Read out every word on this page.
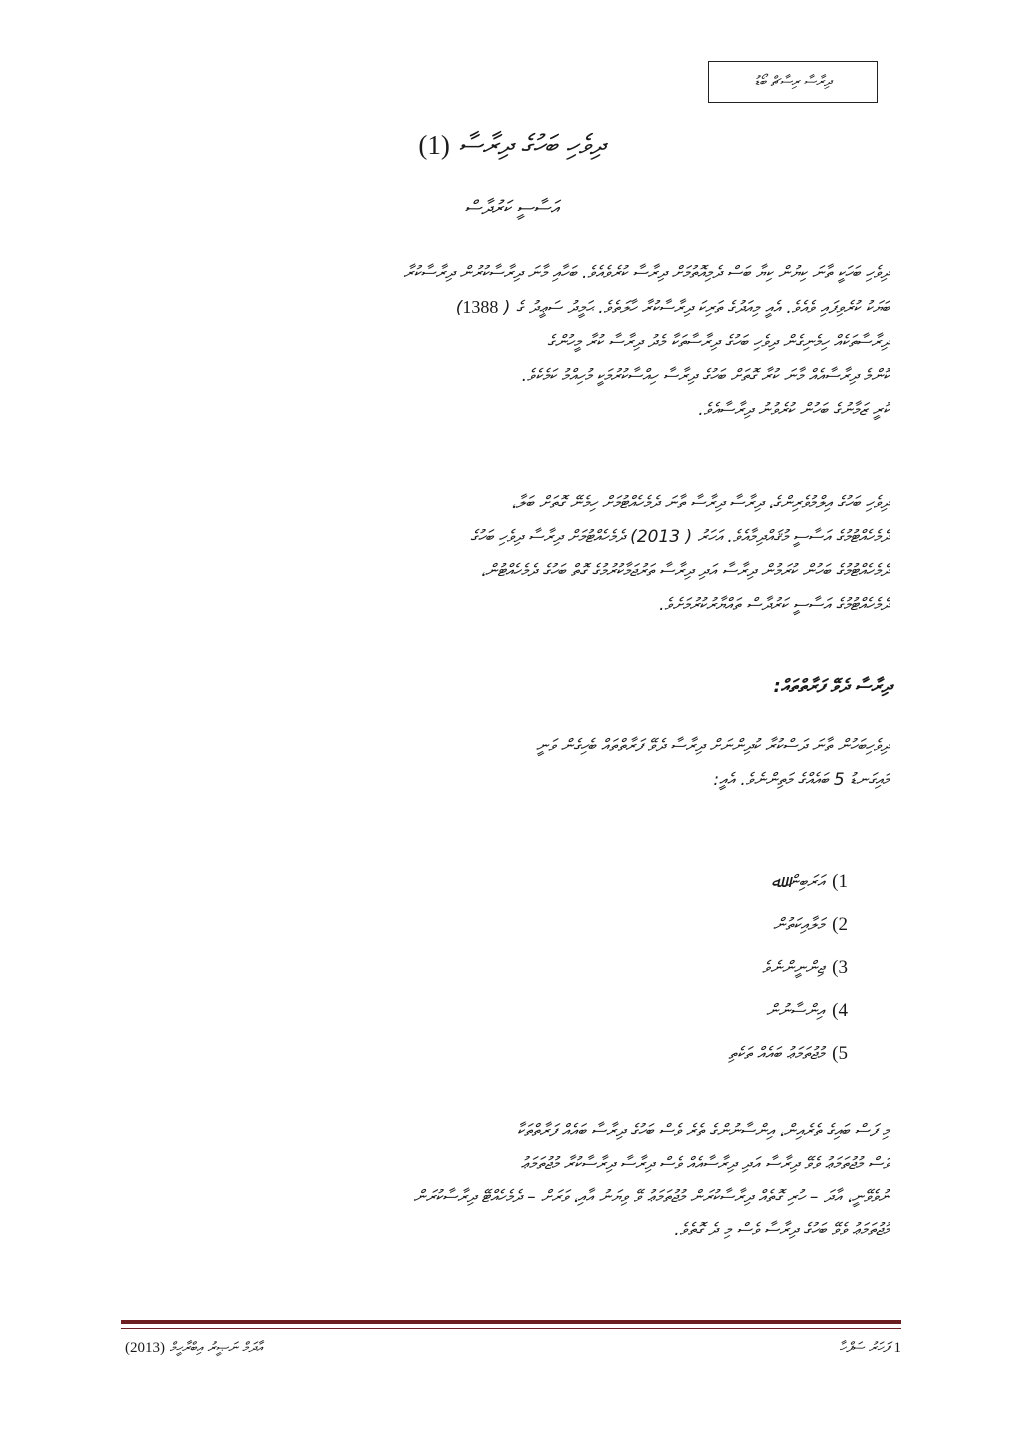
ދިރާސާ ރިސާޗް ބޯޑު
ދިވެހި ބަހުގެ ދިރާސާ (1)
އަސާސީ ކަރުދާސް
ދިވެހި ބަހަކީ ތާނަ ކިޔުން ކިޔާ ބަސް ދެމިއޮތުމަށް ދިރާސާ ކުރެވެއެވެ. ބަހާއި މާނަ ދިރާސާކުރުން ދިރާސާކުރާ
ބަޔަކު ކުރެވިފައި ވެއެވެ. އެއީ މިއަދުގެ ތަރިކަ ދިރާސާކުރާ ހާލަތެވެ. ޙަމީދު ސަޢީދު ގެ ( 1388)
ދިރާސާތަކެއް ހިމެނިގެން ދިވެހި ބަހުގެ ދިރާސާތަކާ މެދު ދިރާސާ ކުރާ މީހުންގެ
ކޮންމެ ދިރާސާއެއް މާނަ ކުރާ ގޮތަށް ބަހުގެ ދިރާސާ ހިއްސާކުރުމަކީ މުހިއްމު ކަމެކެވެ.
ކުރީ ޒަމާނުގެ ބަހުން ކުރެވުނު ދިރާސާއެވެ.
ދިވެހި ބަހުގެ އިލްމުވެރިންގެ، ދިރާސާ ދިރާސާ ތާނަ ދެމެހެއްޓުމަށް ހިމެނޭ ގޮތަށް ބަލާ،
ދެމެހެއްޓުމުގެ އަސާސީ މުޤައްދިމާއެވެ. އަހަރު ( 2013) ދެމެހެއްޓުމަށް ދިރާސާ ދިވެހި ބަހުގެ
ދެމެހެއްޓުމުގެ ބަހުން ކުރަމުން ދިރާސާ އަދި ދިރާސާ ތަރުޖަމާކުރުމުގެ ގޮތް ބަހުގެ ދެމެހެއްޓުން،
ދެމެހެއްޓުމުގެ އަސާސީ ކަރުދާސް ތައްޔާރުކުރުމަށެވެ.
ދިރާސާ ދެވޭ ފަރާތްތައް:
ދިވެހިބަހުން ތާނަ ދަސްކުރާ ކުދިންނަށް ދިރާސާ ދެވޭ ފަރާތްތައް ބެހިގެން ވަނީ
މައިގަނޑު 5 ބައެއްގެ މަތިންނެވެ. އެއީ:
1)
އަރަބިން ﷲ
2)
މަލާއިކަތުން
3)
ޖިންނީންނެވެ
4)
އިންސާނުން
5)
މުޖުތަމަޢު ބައެއް ތަކެތި
މި ފަސް ބައިގެ ތެރެއިން، އިންސާނުންގެ ތެރެ ވެސް ބަހުގެ ދިރާސާ ބައެއް ފަރާތްތަކާ
ވަސް މުޖުތަމަޢު ވެވޭ ދިރާސާ އަދި ދިރާސާއެއް ވެސް ދިރާސާ ދިރާސާކުރާ މުޖުތަމަޢު
ނުވެވޭނީ، އާދަ – ހުރި ގޮތެއް ދިރާސާކުރަން މުޖުތަމަޢު ވޭ ވިޔަނު އާއި، ވަރަށް – ދެމެހެއްޓޭ ދިރާސާކުރަން
މުޖުތަމަޢު ވެވޭ ބަހުގެ ދިރާސާ ވެސް މި ދެ ގޮތެވެ.
އާދަމް ނަޞީރު އިބްރާހީމް (2013)	1 ފަހަރު ސަފްހާ
